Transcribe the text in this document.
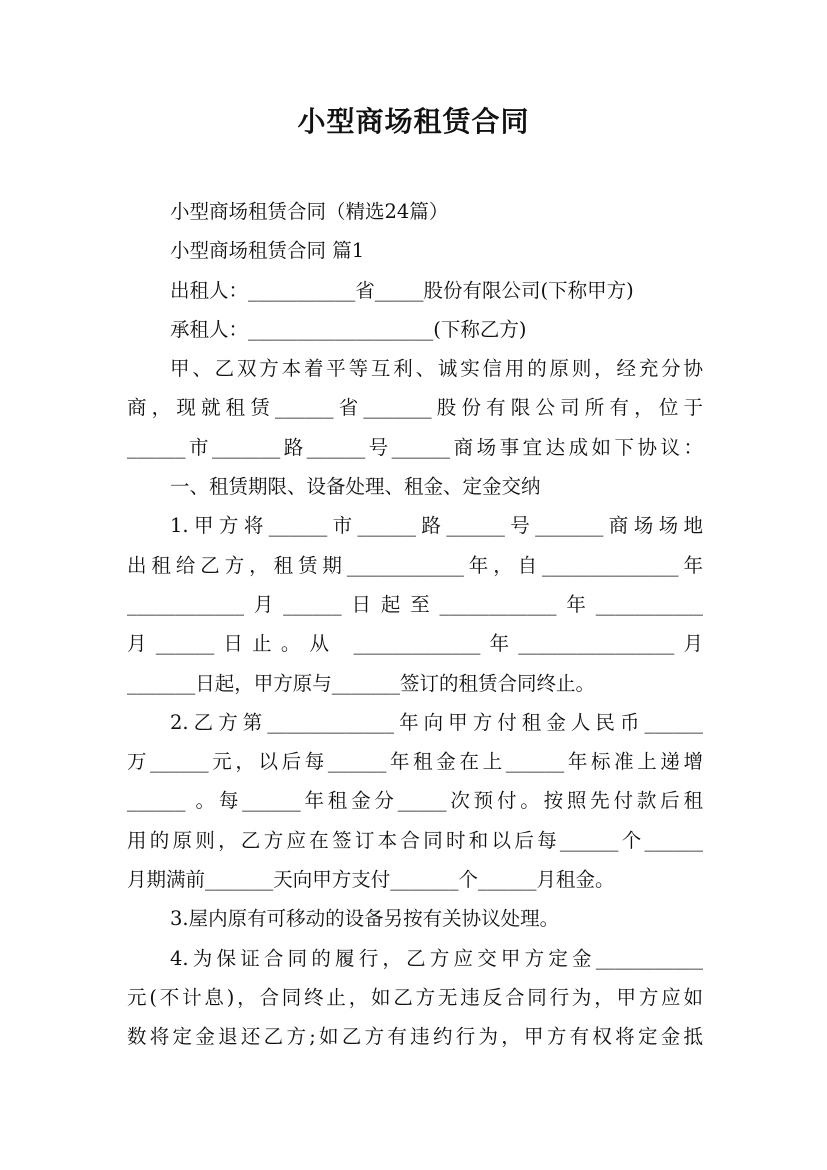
小型商场租赁合同
小型商场租赁合同（精选24篇）
小型商场租赁合同 篇1
出租人：___________省_____股份有限公司(下称甲方)
承租人：___________________(下称乙方)
甲、乙双方本着平等互利、诚实信用的原则，经充分协
商，现就租赁______省_______股份有限公司所有，位于
______市_______路______号______商场事宜达成如下协议：
一、租赁期限、设备处理、租金、定金交纳
1.甲方将______市______路______号_______商场场地
出租给乙方，租赁期____________年，自______________年
____________月______日起至____________年___________
月______日止。从 _____________年________________月
_______日起，甲方原与_______签订的租赁合同终止。
2.乙方第_____________年向甲方付租金人民币______
万______元，以后每______年租金在上______年标准上递增
______ 。每______年租金分_____次预付。按照先付款后租
用的原则，乙方应在签订本合同时和以后每______个______
月期满前_______天向甲方支付_______个______月租金。
3.屋内原有可移动的设备另按有关协议处理。
4.为保证合同的履行，乙方应交甲方定金___________
元(不计息)，合同终止，如乙方无违反合同行为，甲方应如
数将定金退还乙方;如乙方有违约行为，甲方有权将定金抵
